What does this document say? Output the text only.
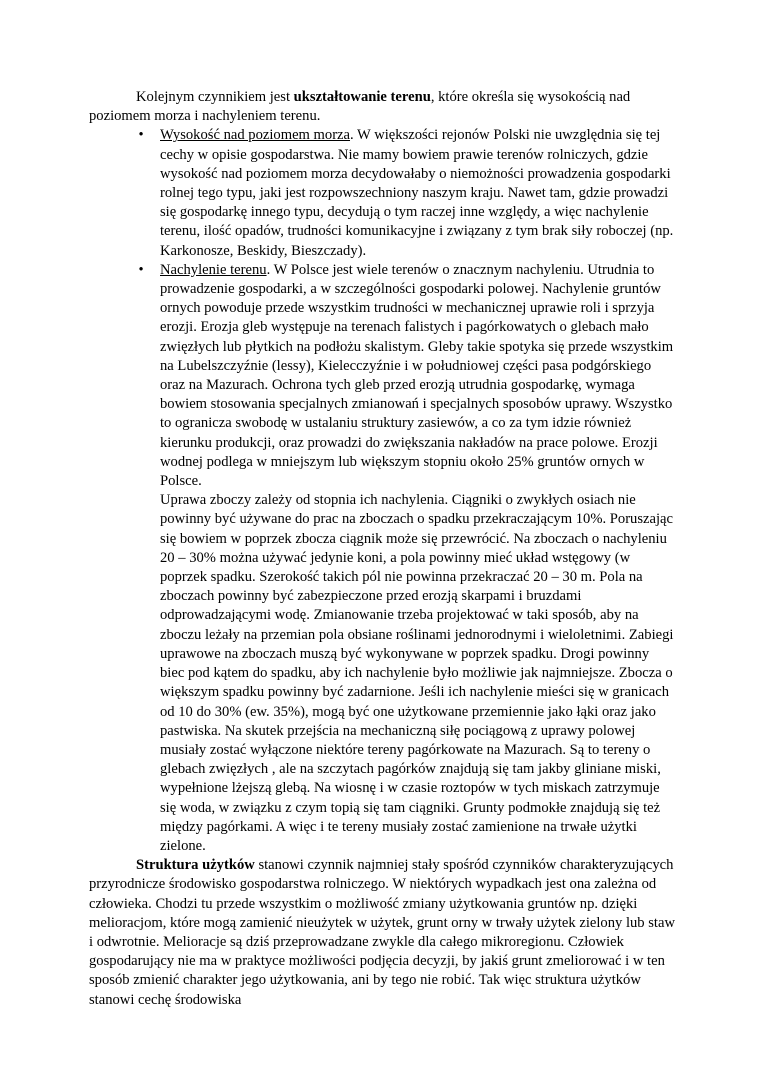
Kolejnym czynnikiem jest ukształtowanie terenu, które określa się wysokością nad poziomem morza i nachyleniem terenu.

• Wysokość nad poziomem morza. W większości rejonów Polski nie uwzględnia się tej cechy w opisie gospodarstwa. Nie mamy bowiem prawie terenów rolniczych, gdzie wysokość nad poziomem morza decydowałaby o niemożności prowadzenia gospodarki rolnej tego typu, jaki jest rozpowszechniony naszym kraju. Nawet tam, gdzie prowadzi się gospodarkę innego typu, decydują o tym raczej inne względy, a więc nachylenie terenu, ilość opadów, trudności komunikacyjne i związany z tym brak siły roboczej (np. Karkonosze, Beskidy, Bieszczady).
• Nachylenie terenu. W Polsce jest wiele terenów o znacznym nachyleniu. Utrudnia to prowadzenie gospodarki, a w szczególności gospodarki polowej. Nachylenie gruntów ornych powoduje przede wszystkim trudności w mechanicznej uprawie roli i sprzyja erozji. Erozja gleb występuje na terenach falistych i pagórkowatych o glebach mało zwięzłych lub płytkich na podłożu skalistym. Gleby takie spotyka się przede wszystkim na Lubelszczyźnie (lessy), Kielecczyźnie i w południowej części pasa podgórskiego oraz na Mazurach. Ochrona tych gleb przed erozją utrudnia gospodarkę, wymaga bowiem stosowania specjalnych zmianowań i specjalnych sposobów uprawy. Wszystko to ogranicza swobodę w ustalaniu struktury zasiewów, a co za tym idzie również kierunku produkcji, oraz prowadzi do zwiększania nakładów na prace polowe. Erozji wodnej podlega w mniejszym lub większym stopniu około 25% gruntów ornych w Polsce.
Uprawa zboczy zależy od stopnia ich nachylenia. Ciągniki o zwykłych osiach nie powinny być używane do prac na zboczach o spadku przekraczającym 10%. Poruszając się bowiem w poprzek zbocza ciągnik może się przewrócić. Na zboczach o nachyleniu 20 – 30% można używać jedynie koni, a pola powinny mieć układ wstęgowy (w poprzek spadku. Szerokość takich pól nie powinna przekraczać 20 – 30 m. Pola na zboczach powinny być zabezpieczone przed erozją skarpami i bruzdami odprowadzającymi wodę. Zmianowanie trzeba projektować w taki sposób, aby na zboczu leżały na przemian pola obsiane roślinami jednorodnymi i wieloletnimi. Zabiegi uprawowe na zboczach muszą być wykonywane w poprzek spadku. Drogi powinny biec pod kątem do spadku, aby ich nachylenie było możliwie jak najmniejsze. Zbocza o większym spadku powinny być zadarnione. Jeśli ich nachylenie mieści się w granicach od 10 do 30% (ew. 35%), mogą być one użytkowane przemiennie jako łąki oraz jako pastwiska. Na skutek przejścia na mechaniczną siłę pociągową z uprawy polowej musiały zostać wyłączone niektóre tereny pagórkowate na Mazurach. Są to tereny o glebach zwięzłych , ale na szczytach pagórków znajdują się tam jakby gliniane miski, wypełnione lżejszą glebą. Na wiosnę i w czasie roztopów w tych miskach zatrzymuje się woda, w związku z czym topią się tam ciągniki. Grunty podmokłe znajdują się też między pagórkami. A więc i te tereny musiały zostać zamienione na trwałe użytki zielone.

Struktura użytków stanowi czynnik najmniej stały spośród czynników charakteryzujących przyrodnicze środowisko gospodarstwa rolniczego. W niektórych wypadkach jest ona zależna od człowieka. Chodzi tu przede wszystkim o możliwość zmiany użytkowania gruntów np. dzięki melioracjom, które mogą zamienić nieużytek w użytek, grunt orny w trwały użytek zielony lub staw i odwrotnie. Melioracje są dziś przeprowadzane zwykle dla całego mikroregionu. Człowiek gospodarujący nie ma w praktyce możliwości podjęcia decyzji, by jakiś grunt zmeliorować i w ten sposób zmienić charakter jego użytkowania, ani by tego nie robić. Tak więc struktura użytków stanowi cechę środowiska
